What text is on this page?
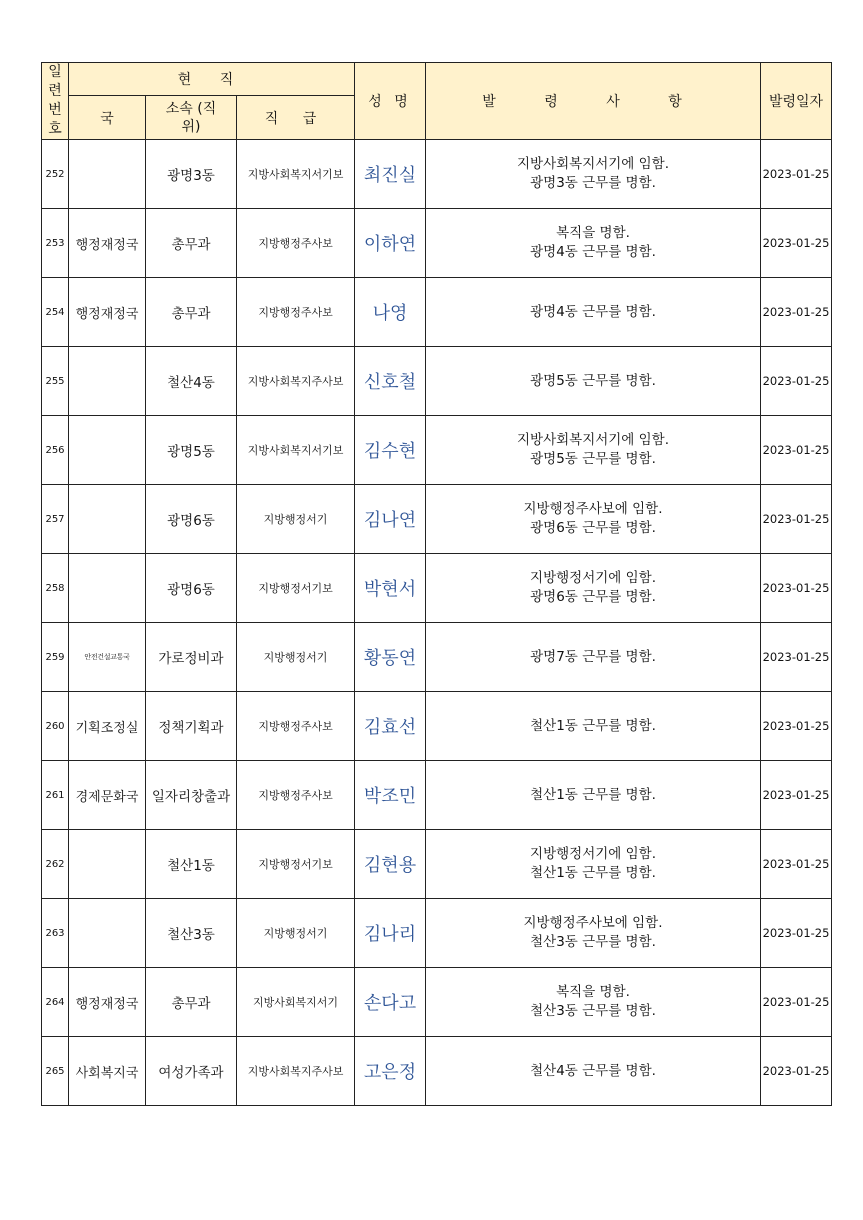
일련번호	현 직			성 명	발 령 사 항	발령일자
	국	소속 (직위)	직 급			
252		광명3동	지방사회복지서기보	최진실	지방사회복지서기에 임함.
광명3동 근무를 명함.	2023-01-25
253	행정재정국	총무과	지방행정주사보	이하연	복직을 명함.
광명4동 근무를 명함.	2023-01-25
254	행정재정국	총무과	지방행정주사보	나영	광명4동 근무를 명함.	2023-01-25
255		철산4동	지방사회복지주사보	신호철	광명5동 근무를 명함.	2023-01-25
256		광명5동	지방사회복지서기보	김수현	지방사회복지서기에 임함.
광명5동 근무를 명함.	2023-01-25
257		광명6동	지방행정서기	김나연	지방행정주사보에 임함.
광명6동 근무를 명함.	2023-01-25
258		광명6동	지방행정서기보	박현서	지방행정서기에 임함.
광명6동 근무를 명함.	2023-01-25
259	안전건설교통국	가로정비과	지방행정서기	황동연	광명7동 근무를 명함.	2023-01-25
260	기획조정실	정책기획과	지방행정주사보	김효선	철산1동 근무를 명함.	2023-01-25
261	경제문화국	일자리창출과	지방행정주사보	박조민	철산1동 근무를 명함.	2023-01-25
262		철산1동	지방행정서기보	김현용	지방행정서기에 임함.
철산1동 근무를 명함.	2023-01-25
263		철산3동	지방행정서기	김나리	지방행정주사보에 임함.
철산3동 근무를 명함.	2023-01-25
264	행정재정국	총무과	지방사회복지서기	손다고	복직을 명함.
철산3동 근무를 명함.	2023-01-25
265	사회복지국	여성가족과	지방사회복지주사보	고은정	철산4동 근무를 명함.	2023-01-25
